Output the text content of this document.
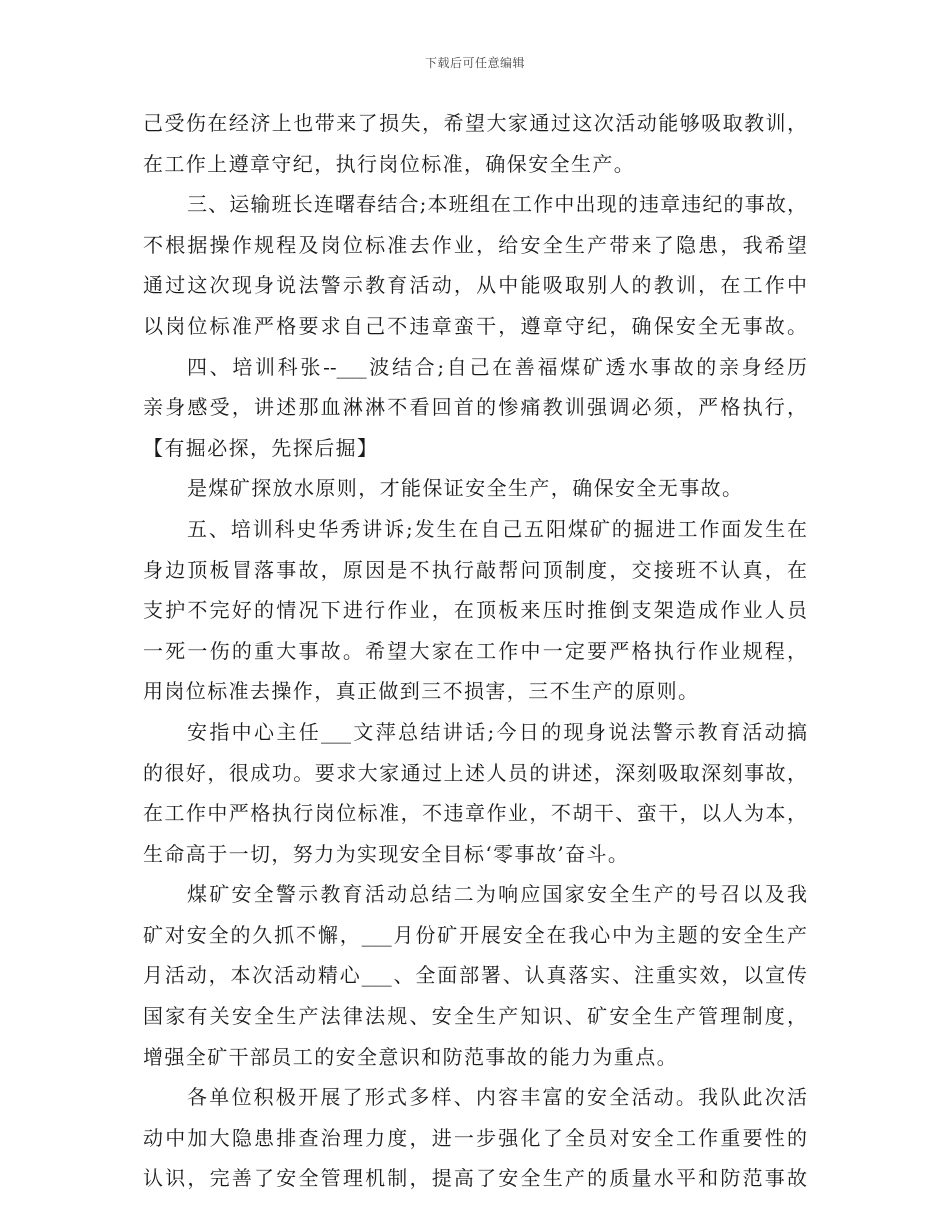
下载后可任意编辑
己受伤在经济上也带来了损失，希望大家通过这次活动能够吸取教训，
在工作上遵章守纪，执行岗位标准，确保安全生产。
三、运输班长连曙春结合;本班组在工作中出现的违章违纪的事故，
不根据操作规程及岗位标准去作业，给安全生产带来了隐患，我希望
通过这次现身说法警示教育活动，从中能吸取别人的教训，在工作中
以岗位标准严格要求自己不违章蛮干，遵章守纪，确保安全无事故。
四、培训科张--___波结合;自己在善福煤矿透水事故的亲身经历
亲身感受，讲述那血淋淋不看回首的惨痛教训强调必须，严格执行，
【有掘必探，先探后掘】
是煤矿探放水原则，才能保证安全生产，确保安全无事故。
五、培训科史华秀讲诉;发生在自己五阳煤矿的掘进工作面发生在
身边顶板冒落事故，原因是不执行敲帮问顶制度，交接班不认真，在
支护不完好的情况下进行作业，在顶板来压时推倒支架造成作业人员
一死一伤的重大事故。希望大家在工作中一定要严格执行作业规程，
用岗位标准去操作，真正做到三不损害，三不生产的原则。
安指中心主任___文萍总结讲话;今日的现身说法警示教育活动搞
的很好，很成功。要求大家通过上述人员的讲述，深刻吸取深刻事故，
在工作中严格执行岗位标准，不违章作业，不胡干、蛮干，以人为本，
生命高于一切，努力为实现安全目标‘零事故’奋斗。
煤矿安全警示教育活动总结二为响应国家安全生产的号召以及我
矿对安全的久抓不懈，___月份矿开展安全在我心中为主题的安全生产
月活动，本次活动精心___、全面部署、认真落实、注重实效，以宣传
国家有关安全生产法律法规、安全生产知识、矿安全生产管理制度，
增强全矿干部员工的安全意识和防范事故的能力为重点。
各单位积极开展了形式多样、内容丰富的安全活动。我队此次活
动中加大隐患排查治理力度，进一步强化了全员对安全工作重要性的
认识，完善了安全管理机制，提高了安全生产的质量水平和防范事故
